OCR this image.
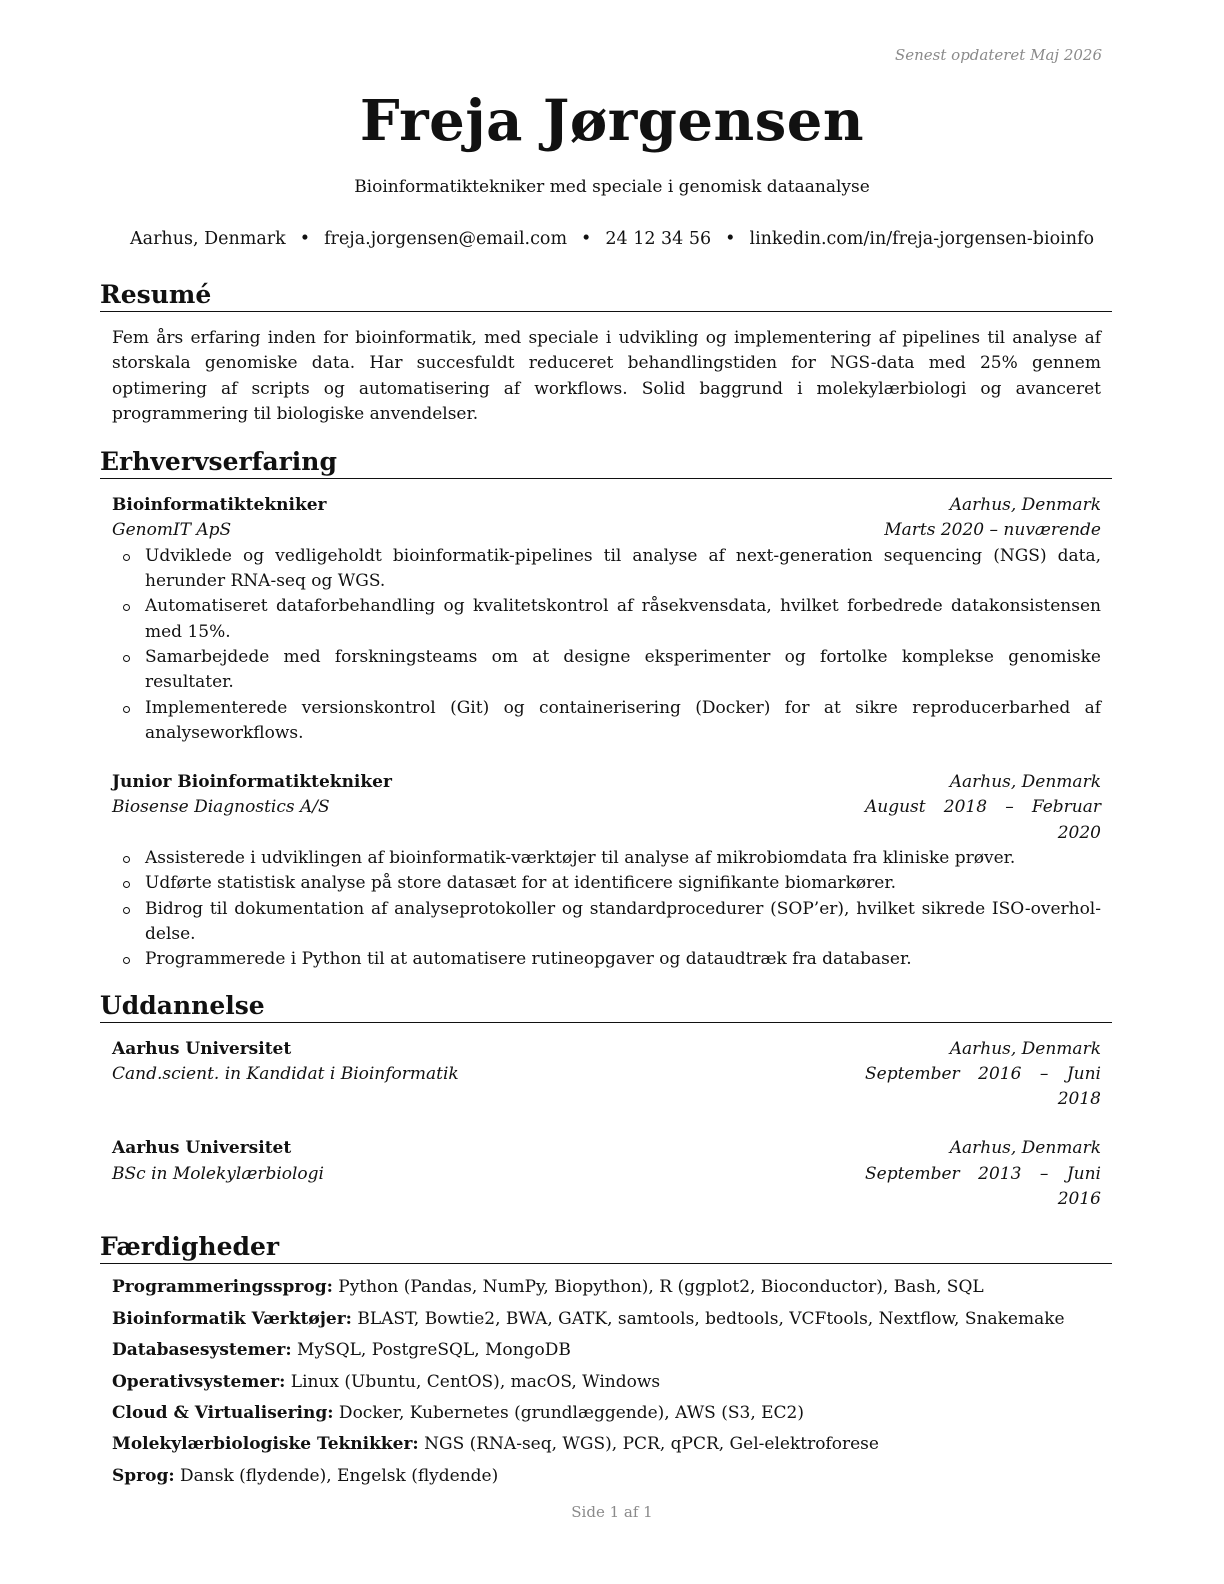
Senest opdateret Maj 2026
Freja Jørgensen
Bioinformatiktekniker med speciale i genomisk dataanalyse
Aarhus, Denmark • freja.jorgensen@email.com • 24 12 34 56 • linkedin.com/in/freja-jorgensen-bioinfo
Resumé

Fem års erfaring inden for bioinformatik, med speciale i udvikling og implementering af pipelines til analyse af storskala genomiske data. Har succesfuldt reduceret behandlingstiden for NGS-data med 25% gennem optimering af scripts og automatisering af workflows. Solid baggrund i molekylærbiologi og avanceret programmering til biologiske anvendelser.

Erhvervserfaring
Bioinformatiktekniker	Aarhus, Denmark
GenomIT ApS	Marts 2020 – nuværende
Udviklede og vedligeholdt bioinformatik-pipelines til analyse af next-generation sequencing (NGS) data, herunder RNA-seq og WGS.
Automatiseret dataforbehandling og kvalitetskontrol af råsekvensdata, hvilket forbedrede datakonsistensen med 15%.
Samarbejdede med forskningsteams om at designe eksperimenter og fortolke komplekse genomiske resultater.
Implementerede versionskontrol (Git) og containerisering (Docker) for at sikre reproducerbarhed af analyseworkflows.
Junior Bioinformatiktekniker	Aarhus, Denmark
Biosense Diagnostics A/S	August 2018 – Februar
2020
Assisterede i udviklingen af bioinformatik-værktøjer til analyse af mikrobiomdata fra kliniske prøver.
Udførte statistisk analyse på store datasæt for at identificere signifikante biomarkører.
Bidrog til dokumentation af analyseprotokoller og standardprocedurer (SOP’er), hvilket sikrede ISO-overholdelse.
Programmerede i Python til at automatisere rutineopgaver og dataudtræk fra databaser.
Uddannelse
Aarhus Universitet	Aarhus, Denmark
Cand.scient. in Kandidat i Bioinformatik	September 2016 – Juni
2018
Aarhus Universitet	Aarhus, Denmark
BSc in Molekylærbiologi	September 2013 – Juni
2016
Færdigheder
Programmeringssprog: Python (Pandas, NumPy, Biopython), R (ggplot2, Bioconductor), Bash, SQL
Bioinformatik Værktøjer: BLAST, Bowtie2, BWA, GATK, samtools, bedtools, VCFtools, Nextflow, Snakemake
Databasesystemer: MySQL, PostgreSQL, MongoDB
Operativsystemer: Linux (Ubuntu, CentOS), macOS, Windows
Cloud & Virtualisering: Docker, Kubernetes (grundlæggende), AWS (S3, EC2)
Molekylærbiologiske Teknikker: NGS (RNA-seq, WGS), PCR, qPCR, Gel-elektroforese
Sprog: Dansk (flydende), Engelsk (flydende)
Side 1 af 1
